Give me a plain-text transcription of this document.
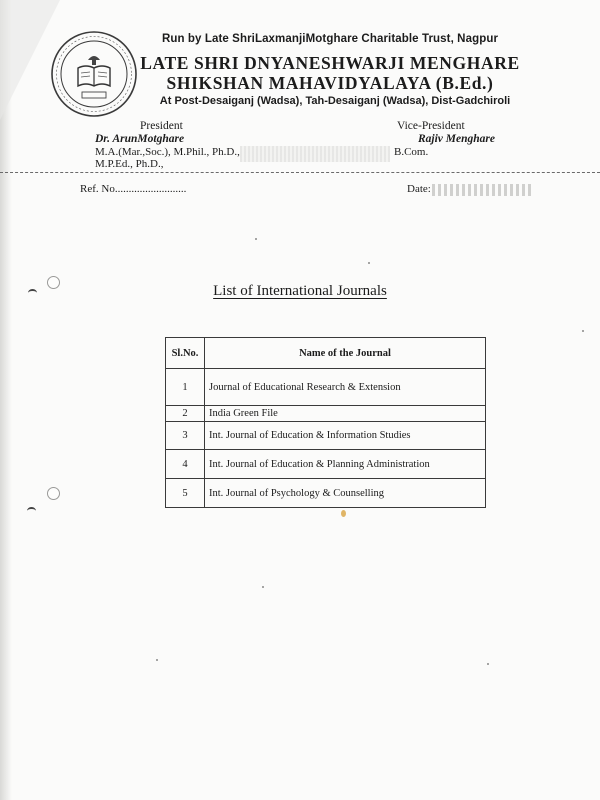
Run by Late ShriLaxmanjiMotghare Charitable Trust, Nagpur
LATE SHRI DNYANESHWARJI MENGHARE
SHIKSHAN MAHAVIDYALAYA (B.Ed.)
At Post-Desaiganj (Wadsa), Tah-Desaiganj (Wadsa), Dist-Gadchiroli
President
Dr. ArunMotghare
M.A.(Mar.,Soc.), M.Phil., Ph.D.,
M.P.Ed., Ph.D.,
Vice-President
Rajiv Menghare
B.Com.
Ref. No..........................	Date:
List of International Journals
Sl.No.	Name of the Journal
1	Journal of Educational Research & Extension
2	India Green File
3	Int. Journal of Education & Information Studies
4	Int. Journal of Education & Planning Administration
5	Int. Journal of Psychology & Counselling
